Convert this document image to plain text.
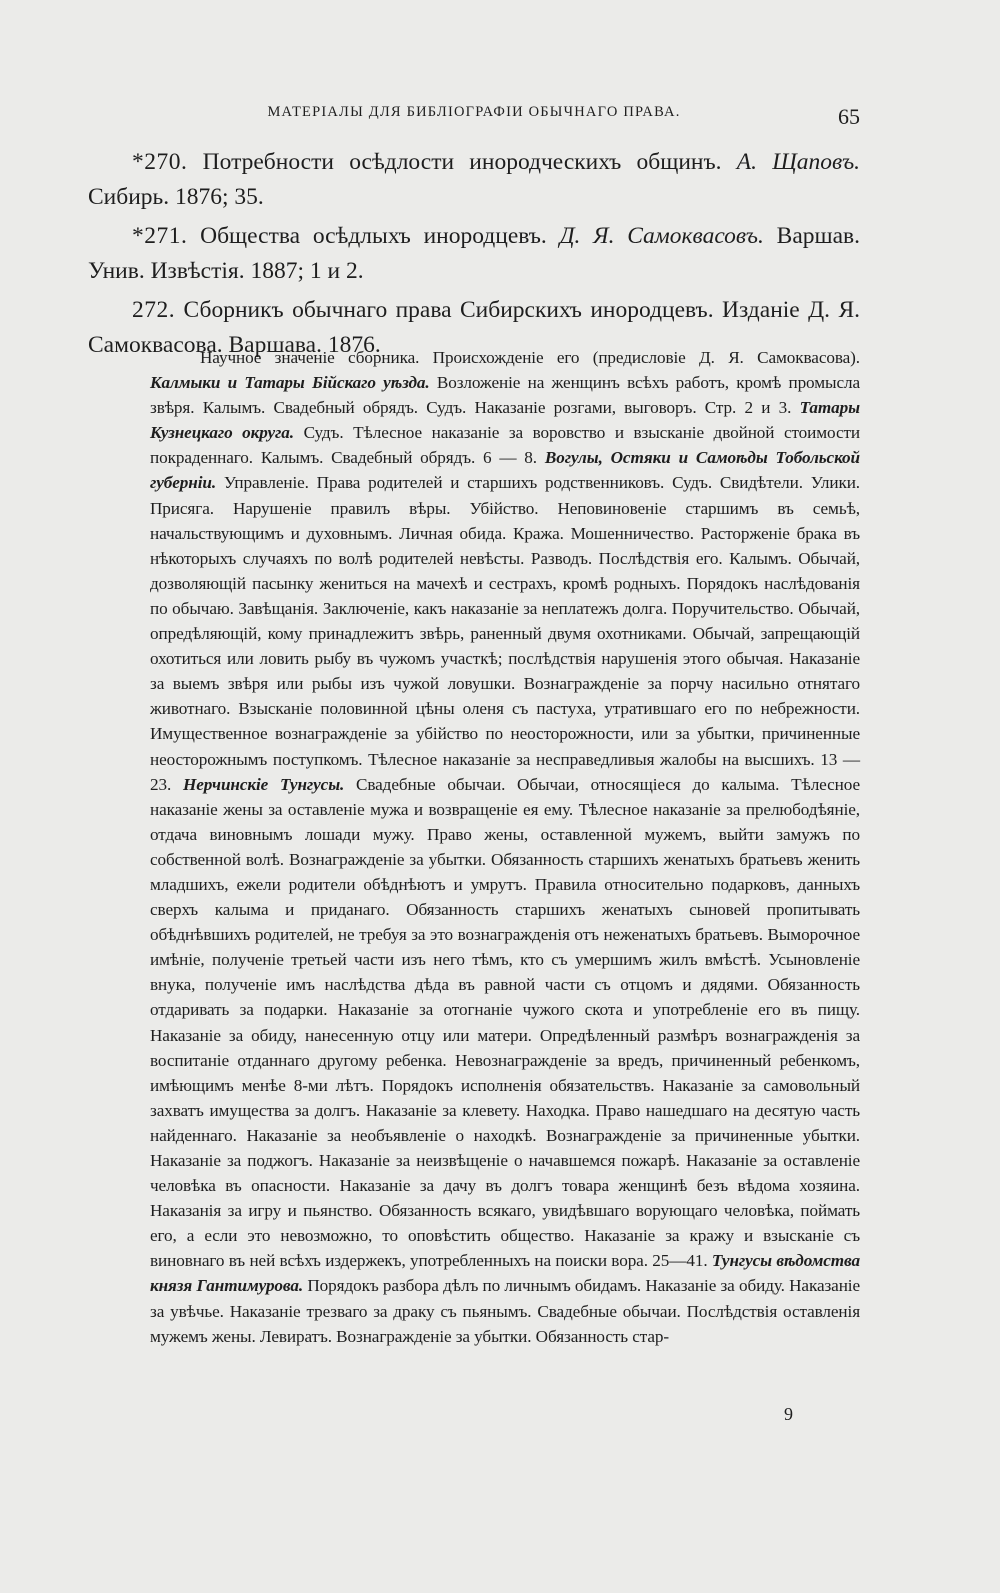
МАТЕРІАЛЫ ДЛЯ БИБЛІОГРАФІИ ОБЫЧНАГО ПРАВА.	65

*270. Потребности осѣдлости инородческихъ общинъ. А. Щаповъ. Сибирь. 1876; 35.

*271. Общества осѣдлыхъ инородцевъ. Д. Я. Самоквасовъ. Варшав. Унив. Извѣстія. 1887; 1 и 2.

272. Сборникъ обычнаго права Сибирскихъ инородцевъ. Изданіе Д. Я. Самоквасова. Варшава. 1876.

Научное значеніе сборника. Происхожденіе его (предисловіе Д. Я. Самоквасова). Калмыки и Татары Бійскаго уѣзда. Возложеніе на женщинъ всѣхъ работъ, кромѣ промысла звѣря. Калымъ. Свадебный обрядъ. Судъ. Наказаніе розгами, выговоръ. Стр. 2 и 3. Татары Кузнецкаго округа. Судъ. Тѣлесное наказаніе за воровство и взысканіе двойной стоимости покраденнаго. Калымъ. Свадебный обрядъ. 6 — 8. Вогулы, Остяки и Самоѣды Тобольской губерніи. Управленіе. Права родителей и старшихъ родственниковъ. Судъ. Свидѣтели. Улики. Присяга. Нарушеніе правилъ вѣры. Убійство. Неповиновеніе старшимъ въ семьѣ, начальствующимъ и духовнымъ. Личная обида. Кража. Мошенничество. Расторженіе брака въ нѣкоторыхъ случаяхъ по волѣ родителей невѣсты. Разводъ. Послѣдствія его. Калымъ. Обычай, дозволяющій пасынку жениться на мачехѣ и сестрахъ, кромѣ родныхъ. Порядокъ наслѣдованія по обычаю. Завѣщанія. Заключеніе, какъ наказаніе за неплатежъ долга. Поручительство. Обычай, опредѣляющій, кому принадлежитъ звѣрь, раненный двумя охотниками. Обычай, запрещающій охотиться или ловить рыбу въ чужомъ участкѣ; послѣдствія нарушенія этого обычая. Наказаніе за выемъ звѣря или рыбы изъ чужой ловушки. Вознагражденіе за порчу насильно отнятаго животнаго. Взысканіе половинной цѣны оленя съ пастуха, утратившаго его по небрежности. Имущественное вознагражденіе за убійство по неосторожности, или за убытки, причиненные неосторожнымъ поступкомъ. Тѣлесное наказаніе за несправедливыя жалобы на высшихъ. 13 — 23. Нерчинскіе Тунгусы. Свадебные обычаи. Обычаи, относящіеся до калыма. Тѣлесное наказаніе жены за оставленіе мужа и возвращеніе ея ему. Тѣлесное наказаніе за прелюбодѣяніе, отдача виновнымъ лошади мужу. Право жены, оставленной мужемъ, выйти замужъ по собственной волѣ. Вознагражденіе за убытки. Обязанность старшихъ женатыхъ братьевъ женить младшихъ, ежели родители обѣднѣютъ и умрутъ. Правила относительно подарковъ, данныхъ сверхъ калыма и приданаго. Обязанность старшихъ женатыхъ сыновей пропитывать обѣднѣвшихъ родителей, не требуя за это вознагражденія отъ неженатыхъ братьевъ. Выморочное имѣніе, полученіе третьей части изъ него тѣмъ, кто съ умершимъ жилъ вмѣстѣ. Усыновленіе внука, полученіе имъ наслѣдства дѣда въ равной части съ отцомъ и дядями. Обязанность отдаривать за подарки. Наказаніе за отогнаніе чужого скота и употребленіе его въ пищу. Наказаніе за обиду, нанесенную отцу или матери. Опредѣленный размѣръ вознагражденія за воспитаніе отданнаго другому ребенка. Невознагражденіе за вредъ, причиненный ребенкомъ, имѣющимъ менѣе 8-ми лѣтъ. Порядокъ исполненія обязательствъ. Наказаніе за самовольный захватъ имущества за долгъ. Наказаніе за клевету. Находка. Право нашедшаго на десятую часть найденнаго. Наказаніе за необъявленіе о находкѣ. Вознагражденіе за причиненные убытки. Наказаніе за поджогъ. Наказаніе за неизвѣщеніе о начавшемся пожарѣ. Наказаніе за оставленіе человѣка въ опасности. Наказаніе за дачу въ долгъ товара женщинѣ безъ вѣдома хозяина. Наказанія за игру и пьянство. Обязанность всякаго, увидѣвшаго ворующаго человѣка, поймать его, а если это невозможно, то оповѣстить общество. Наказаніе за кражу и взысканіе съ виновнаго въ ней всѣхъ издержекъ, употребленныхъ на поиски вора. 25—41. Тунгусы вѣдомства князя Гантимурова. Порядокъ разбора дѣлъ по личнымъ обидамъ. Наказаніе за обиду. Наказаніе за увѣчье. Наказаніе трезваго за драку съ пьянымъ. Свадебные обычаи. Послѣдствія оставленія мужемъ жены. Левиратъ. Вознагражденіе за убытки. Обязанность стар-

9
